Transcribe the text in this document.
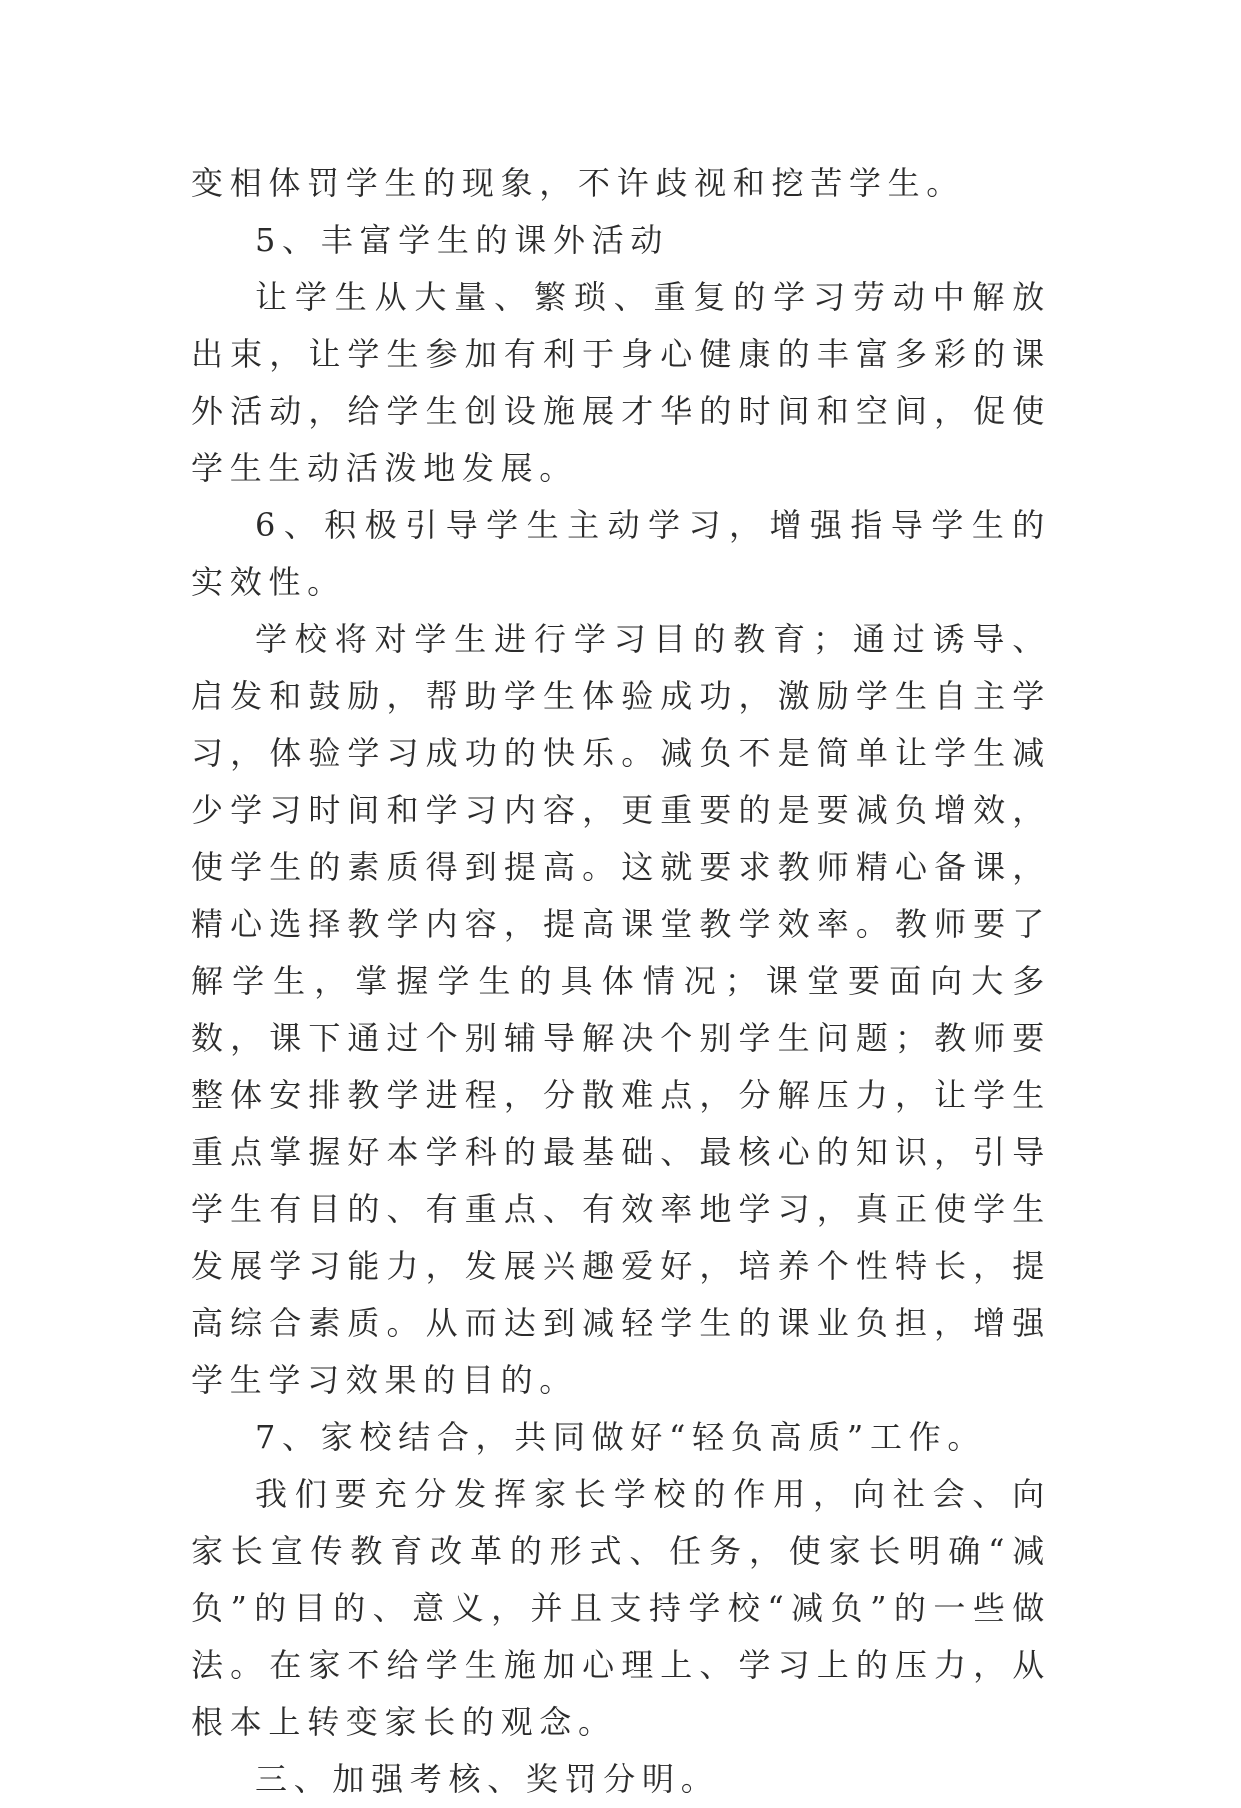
变相体罚学生的现象，不许歧视和挖苦学生。

5、丰富学生的课外活动

让学生从大量、繁琐、重复的学习劳动中解放出束，让学生参加有利于身心健康的丰富多彩的课外活动，给学生创设施展才华的时间和空间，促使学生生动活泼地发展。

6、积极引导学生主动学习，增强指导学生的实效性。

学校将对学生进行学习目的教育；通过诱导、启发和鼓励，帮助学生体验成功，激励学生自主学习，体验学习成功的快乐。减负不是简单让学生减少学习时间和学习内容，更重要的是要减负增效，使学生的素质得到提高。这就要求教师精心备课，精心选择教学内容，提高课堂教学效率。教师要了解学生，掌握学生的具体情况；课堂要面向大多数，课下通过个别辅导解决个别学生问题；教师要整体安排教学进程，分散难点，分解压力，让学生重点掌握好本学科的最基础、最核心的知识，引导学生有目的、有重点、有效率地学习，真正使学生发展学习能力，发展兴趣爱好，培养个性特长，提高综合素质。从而达到减轻学生的课业负担，增强学生学习效果的目的。

7、家校结合，共同做好“轻负高质”工作。

我们要充分发挥家长学校的作用，向社会、向家长宣传教育改革的形式、任务，使家长明确“减负”的目的、意义，并且支持学校“减负”的一些做法。在家不给学生施加心理上、学习上的压力，从根本上转变家长的观念。

三、加强考核、奖罚分明。
